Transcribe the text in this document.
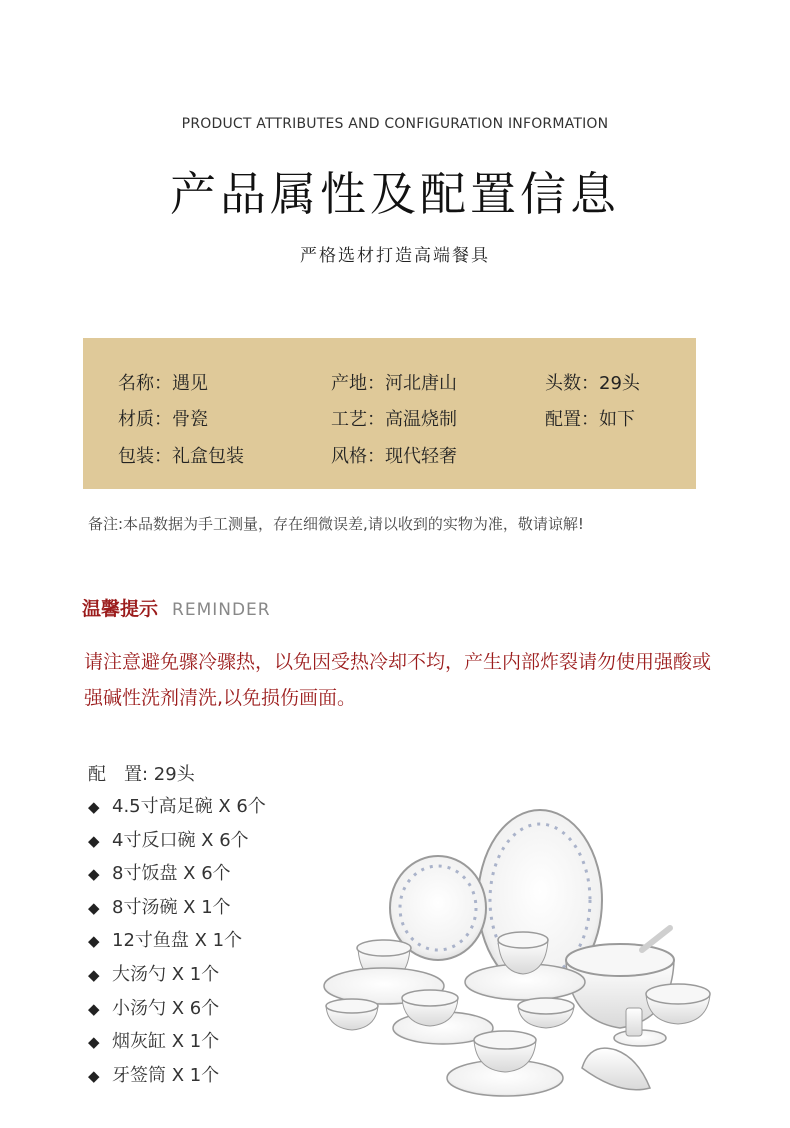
PRODUCT ATTRIBUTES AND CONFIGURATION INFORMATION
产品属性及配置信息
严格选材打造高端餐具
名称：遇见	产地：河北唐山	头数：29头
材质：骨瓷	工艺：高温烧制	配置：如下
包装：礼盒包装	风格：现代轻奢
备注:本品数据为手工测量，存在细微误差,请以收到的实物为准，敬请谅解!
温馨提示 REMINDER
请注意避免骤冷骤热，以免因受热冷却不均，产生内部炸裂请勿使用强酸或强碱性洗剂清洗,以免损伤画面。
配　置: 29头
◆ 4.5寸高足碗 X 6个
◆ 4寸反口碗 X 6个
◆ 8寸饭盘 X 6个
◆ 8寸汤碗 X 1个
◆ 12寸鱼盘 X 1个
◆ 大汤勺 X 1个
◆ 小汤勺 X 6个
◆ 烟灰缸 X 1个
◆ 牙签筒 X 1个
